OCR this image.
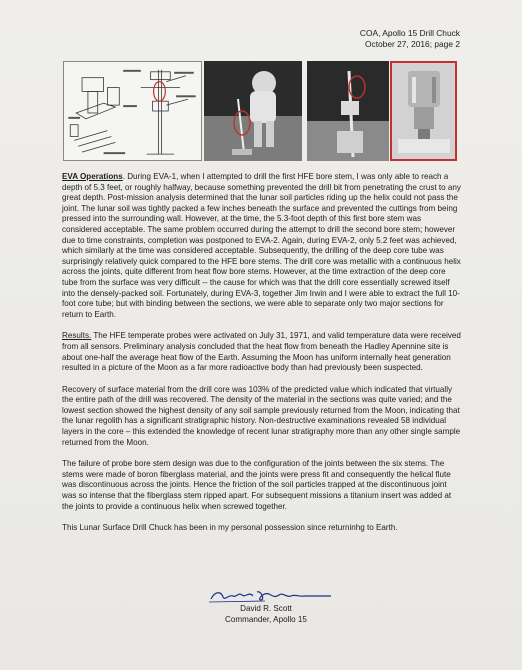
COA, Apollo 15 Drill Chuck
October 27, 2016; page 2

EVA Operations. During EVA-1, when I attempted to drill the first HFE bore stem, I was only able to reach a depth of 5.3 feet, or roughly halfway, because something prevented the drill bit from penetrating the crust to any great depth. Post-mission analysis determined that the lunar soil particles riding up the helix could not pass the joint. The lunar soil was tightly packed a few inches beneath the surface and prevented the cuttings from being pressed into the surrounding wall. However, at the time, the 5.3-foot depth of this first bore stem was considered acceptable. The same problem occurred during the attempt to drill the second bore stem; however due to time constraints, completion was postponed to EVA-2. Again, during EVA-2, only 5.2 feet was achieved, which similarly at the time was considered acceptable. Subsequently, the drilling of the deep core tube was surprisingly relatively quick compared to the HFE bore stems. The drill core was metallic with a continuous helix across the joints, quite different from heat flow bore stems. However, at the time extraction of the deep core tube from the surface was very difficult -- the cause for which was that the drill core essentially screwed itself into the densely-packed soil. Fortunately, during EVA-3, together Jim Irwin and I were able to extract the full 10-foot core tube; but with binding between the sections, we were able to separate only two major sections for return to Earth.

Results. The HFE temperate probes were activated on July 31, 1971, and valid temperature data were received from all sensors. Preliminary analysis concluded that the heat flow from beneath the Hadley Apennine site is about one-half the average heat flow of the Earth. Assuming the Moon has uniform internally heat generation resulted in a picture of the Moon as a far more radioactive body than had previously been suspected.

Recovery of surface material from the drill core was 103% of the predicted value which indicated that virtually the entire path of the drill was recovered. The density of the material in the sections was quite varied; and the lowest section showed the highest density of any soil sample previously returned from the Moon, indicating that the lunar regolith has a significant stratigraphic history. Non-destructive examinations revealed 58 individual layers in the core – this extended the knowledge of recent lunar stratigraphy more than any other single sample returned from the Moon.

The failure of probe bore stem design was due to the configuration of the joints between the six stems. The stems were made of boron fiberglass material, and the joints were press fit and consequently the helical flute was discontinuous across the joints. Hence the friction of the soil particles trapped at the discontinuous joint was so intense that the fiberglass stem ripped apart. For subsequent missions a titanium insert was added at the joints to provide a continuous helix when screwed together.

This Lunar Surface Drill Chuck has been in my personal possession since returninhg to Earth.

David R. Scott
Commander, Apollo 15
